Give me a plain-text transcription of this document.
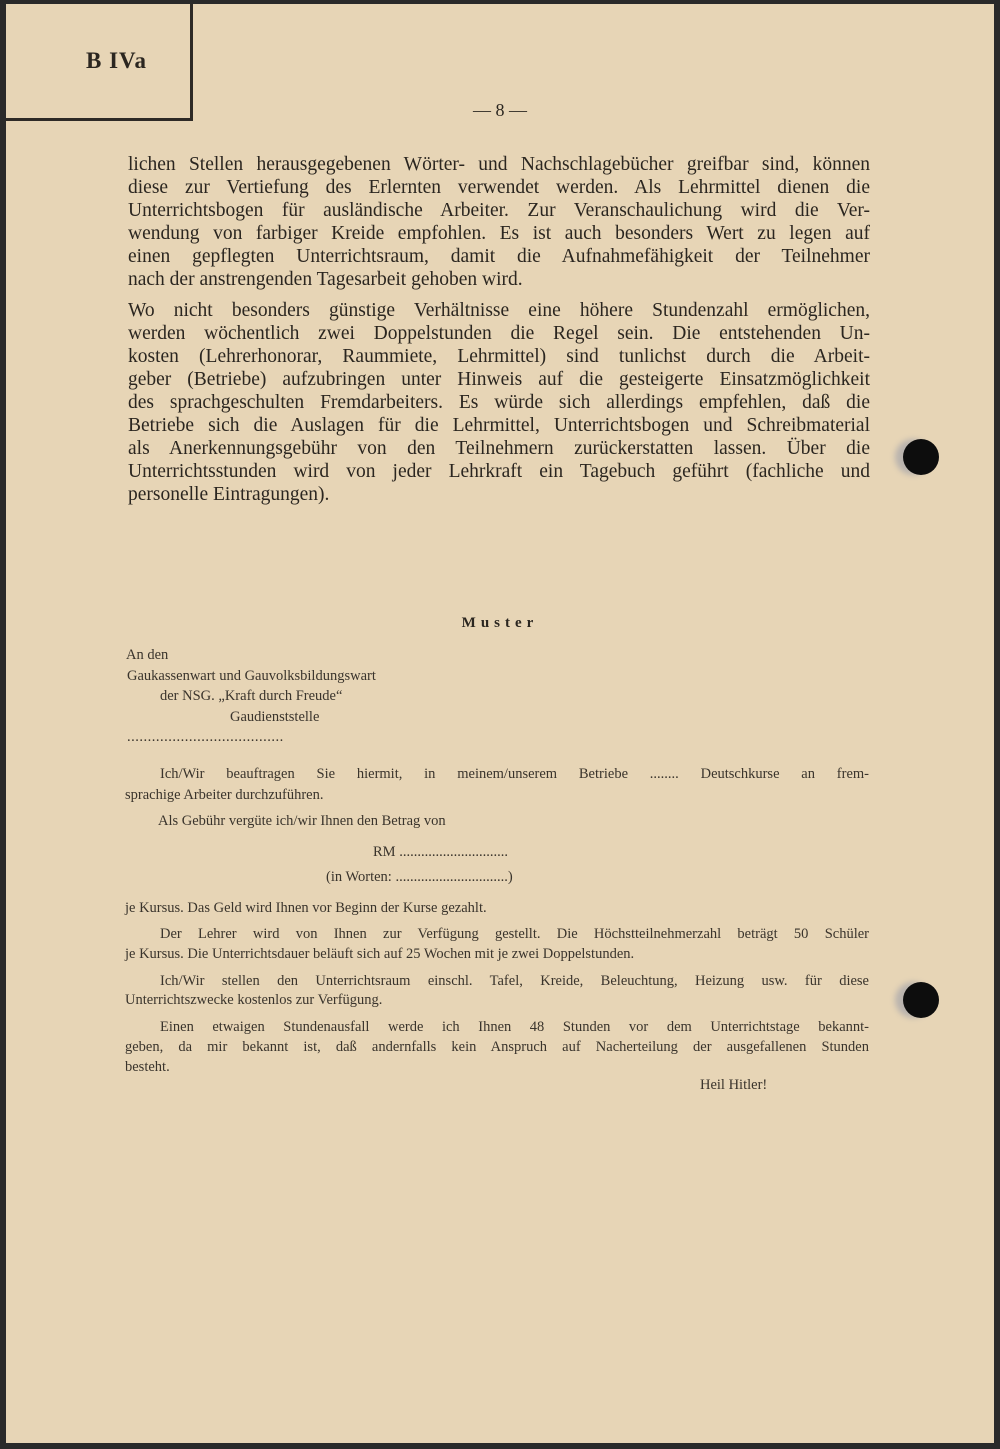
B IVa
— 8 —
lichen Stellen herausgegebenen Wörter- und Nachschlagebücher greifbar sind, können
diese zur Vertiefung des Erlernten verwendet werden. Als Lehrmittel dienen die
Unterrichtsbogen für ausländische Arbeiter. Zur Veranschaulichung wird die Ver-
wendung von farbiger Kreide empfohlen. Es ist auch besonders Wert zu legen auf
einen gepflegten Unterrichtsraum, damit die Aufnahmefähigkeit der Teilnehmer
nach der anstrengenden Tagesarbeit gehoben wird.
Wo nicht besonders günstige Verhältnisse eine höhere Stundenzahl ermöglichen,
werden wöchentlich zwei Doppelstunden die Regel sein. Die entstehenden Un-
kosten (Lehrerhonorar, Raummiete, Lehrmittel) sind tunlichst durch die Arbeit-
geber (Betriebe) aufzubringen unter Hinweis auf die gesteigerte Einsatzmöglichkeit
des sprachgeschulten Fremdarbeiters. Es würde sich allerdings empfehlen, daß die
Betriebe sich die Auslagen für die Lehrmittel, Unterrichtsbogen und Schreibmaterial
als Anerkennungsgebühr von den Teilnehmern zurückerstatten lassen. Über die
Unterrichtsstunden wird von jeder Lehrkraft ein Tagebuch geführt (fachliche und
personelle Eintragungen).
Muster
An den
Gaukassenwart und Gauvolksbildungswart
der NSG. „Kraft durch Freude“
Gaudienststelle
......................................
Ich/Wir beauftragen Sie hiermit, in meinem/unserem Betriebe ........ Deutschkurse an frem-
sprachige Arbeiter durchzuführen.
Als Gebühr vergüte ich/wir Ihnen den Betrag von
RM ..............................
(in Worten: ...............................)
je Kursus. Das Geld wird Ihnen vor Beginn der Kurse gezahlt.
Der Lehrer wird von Ihnen zur Verfügung gestellt. Die Höchstteilnehmerzahl beträgt 50 Schüler
je Kursus. Die Unterrichtsdauer beläuft sich auf 25 Wochen mit je zwei Doppelstunden.
Ich/Wir stellen den Unterrichtsraum einschl. Tafel, Kreide, Beleuchtung, Heizung usw. für diese
Unterrichtszwecke kostenlos zur Verfügung.
Einen etwaigen Stundenausfall werde ich Ihnen 48 Stunden vor dem Unterrichtstage bekannt-
geben, da mir bekannt ist, daß andernfalls kein Anspruch auf Nacherteilung der ausgefallenen Stunden
besteht.
Heil Hitler!
